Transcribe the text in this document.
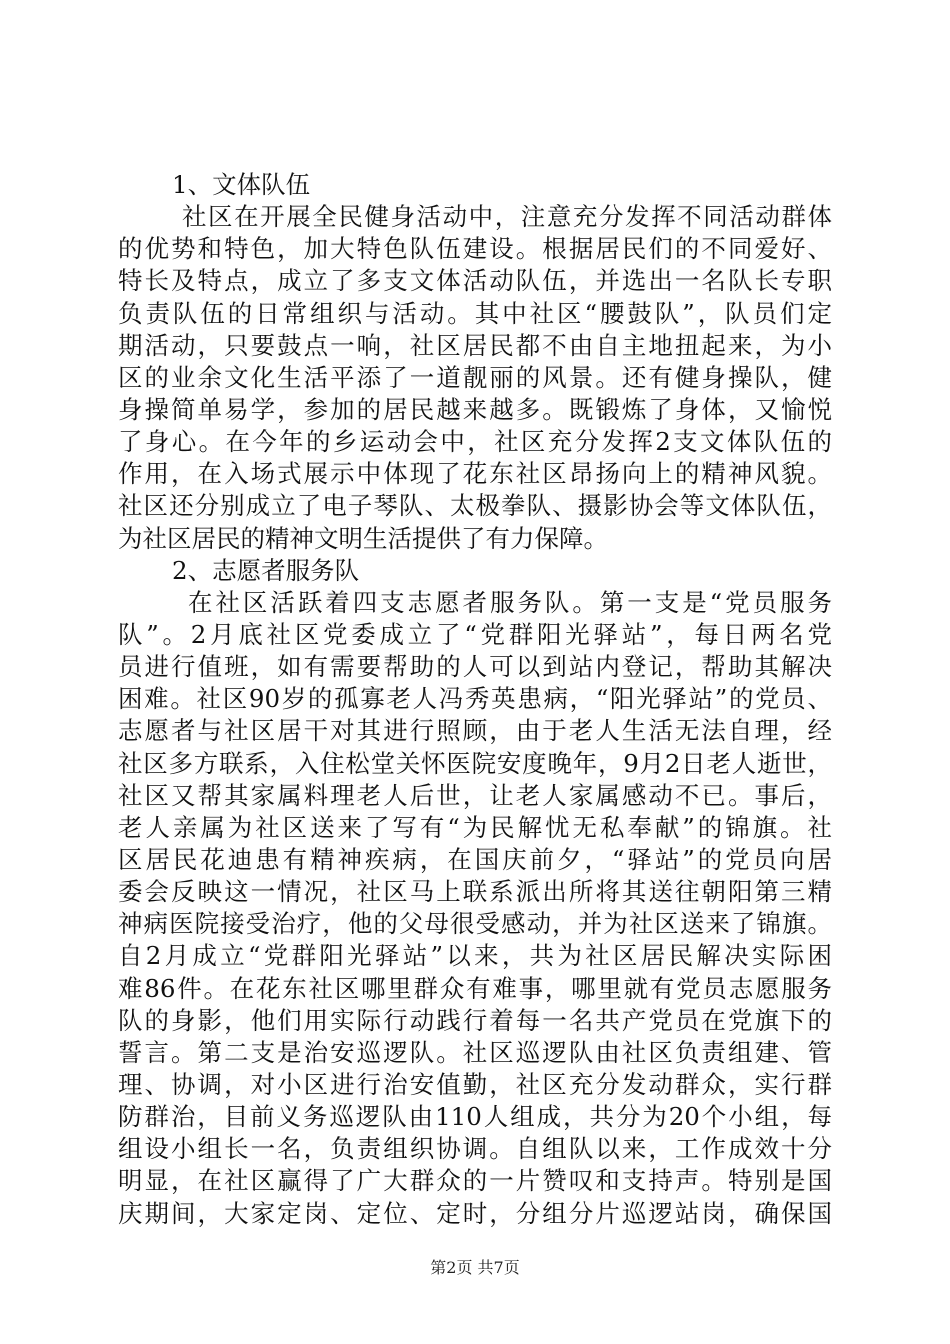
1、文体队伍
社区在开展全民健身活动中，注意充分发挥不同活动群体
的优势和特色，加大特色队伍建设。根据居民们的不同爱好、
特长及特点，成立了多支文体活动队伍，并选出一名队长专职
负责队伍的日常组织与活动。其中社区“腰鼓队”，队员们定
期活动，只要鼓点一响，社区居民都不由自主地扭起来，为小
区的业余文化生活平添了一道靓丽的风景。还有健身操队，健
身操简单易学，参加的居民越来越多。既锻炼了身体，又愉悦
了身心。在今年的乡运动会中，社区充分发挥2支文体队伍的
作用，在入场式展示中体现了花东社区昂扬向上的精神风貌。
社区还分别成立了电子琴队、太极拳队、摄影协会等文体队伍，
为社区居民的精神文明生活提供了有力保障。
2、志愿者服务队
在社区活跃着四支志愿者服务队。第一支是“党员服务
队”。2月底社区党委成立了“党群阳光驿站”，每日两名党
员进行值班，如有需要帮助的人可以到站内登记，帮助其解决
困难。社区90岁的孤寡老人冯秀英患病，“阳光驿站”的党员、
志愿者与社区居干对其进行照顾，由于老人生活无法自理，经
社区多方联系，入住松堂关怀医院安度晚年，9月2日老人逝世，
社区又帮其家属料理老人后世，让老人家属感动不已。事后，
老人亲属为社区送来了写有“为民解忧无私奉献”的锦旗。社
区居民花迪患有精神疾病，在国庆前夕，“驿站”的党员向居
委会反映这一情况，社区马上联系派出所将其送往朝阳第三精
神病医院接受治疗，他的父母很受感动，并为社区送来了锦旗。
自2月成立“党群阳光驿站”以来，共为社区居民解决实际困
难86件。在花东社区哪里群众有难事，哪里就有党员志愿服务
队的身影，他们用实际行动践行着每一名共产党员在党旗下的
誓言。第二支是治安巡逻队。社区巡逻队由社区负责组建、管
理、协调，对小区进行治安值勤，社区充分发动群众，实行群
防群治，目前义务巡逻队由110人组成，共分为20个小组，每
组设小组长一名，负责组织协调。自组队以来，工作成效十分
明显，在社区赢得了广大群众的一片赞叹和支持声。特别是国
庆期间，大家定岗、定位、定时，分组分片巡逻站岗，确保国
第2页 共7页
